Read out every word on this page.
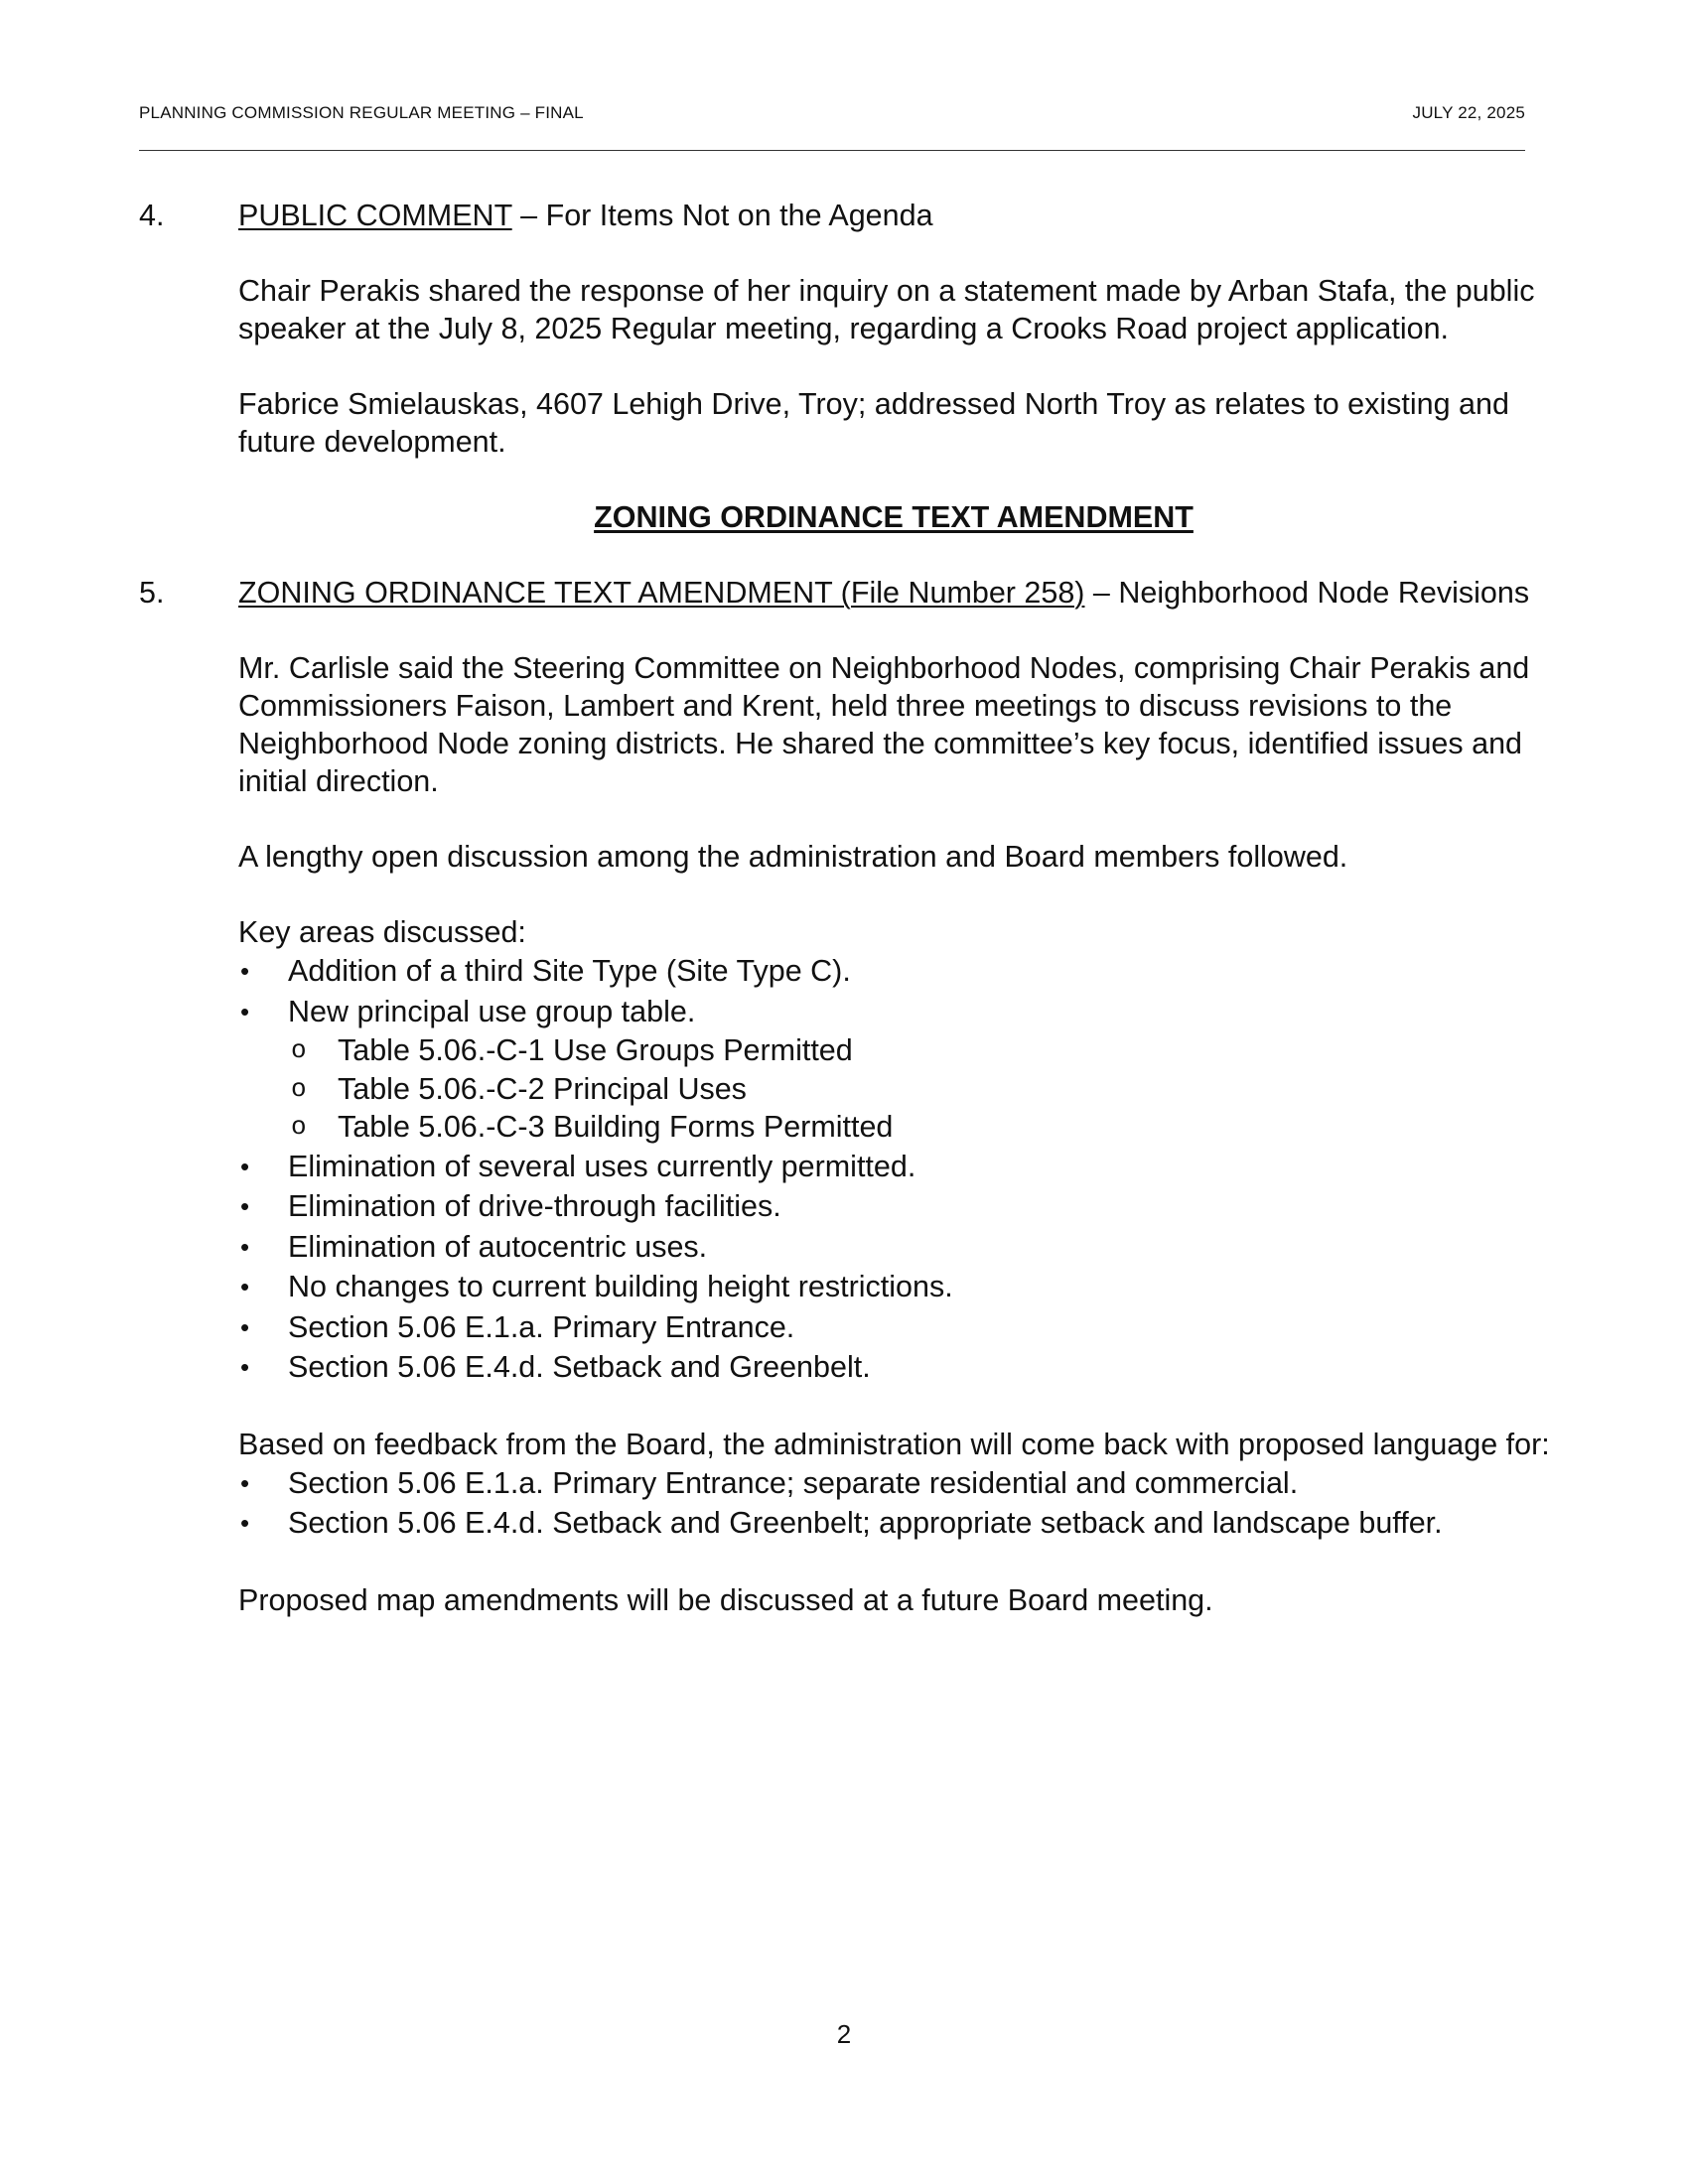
PLANNING COMMISSION REGULAR MEETING – FINAL	JULY 22, 2025
4. PUBLIC COMMENT – For Items Not on the Agenda
Chair Perakis shared the response of her inquiry on a statement made by Arban Stafa, the public speaker at the July 8, 2025 Regular meeting, regarding a Crooks Road project application.
Fabrice Smielauskas, 4607 Lehigh Drive, Troy; addressed North Troy as relates to existing and future development.
ZONING ORDINANCE TEXT AMENDMENT
5. ZONING ORDINANCE TEXT AMENDMENT (File Number 258) – Neighborhood Node Revisions
Mr. Carlisle said the Steering Committee on Neighborhood Nodes, comprising Chair Perakis and Commissioners Faison, Lambert and Krent, held three meetings to discuss revisions to the Neighborhood Node zoning districts. He shared the committee’s key focus, identified issues and initial direction.
A lengthy open discussion among the administration and Board members followed.
Key areas discussed:
• Addition of a third Site Type (Site Type C).
• New principal use group table.
o Table 5.06.-C-1 Use Groups Permitted
o Table 5.06.-C-2 Principal Uses
o Table 5.06.-C-3 Building Forms Permitted
• Elimination of several uses currently permitted.
• Elimination of drive-through facilities.
• Elimination of autocentric uses.
• No changes to current building height restrictions.
• Section 5.06 E.1.a. Primary Entrance.
• Section 5.06 E.4.d. Setback and Greenbelt.
Based on feedback from the Board, the administration will come back with proposed language for:
• Section 5.06 E.1.a. Primary Entrance; separate residential and commercial.
• Section 5.06 E.4.d. Setback and Greenbelt; appropriate setback and landscape buffer.
Proposed map amendments will be discussed at a future Board meeting.
2
